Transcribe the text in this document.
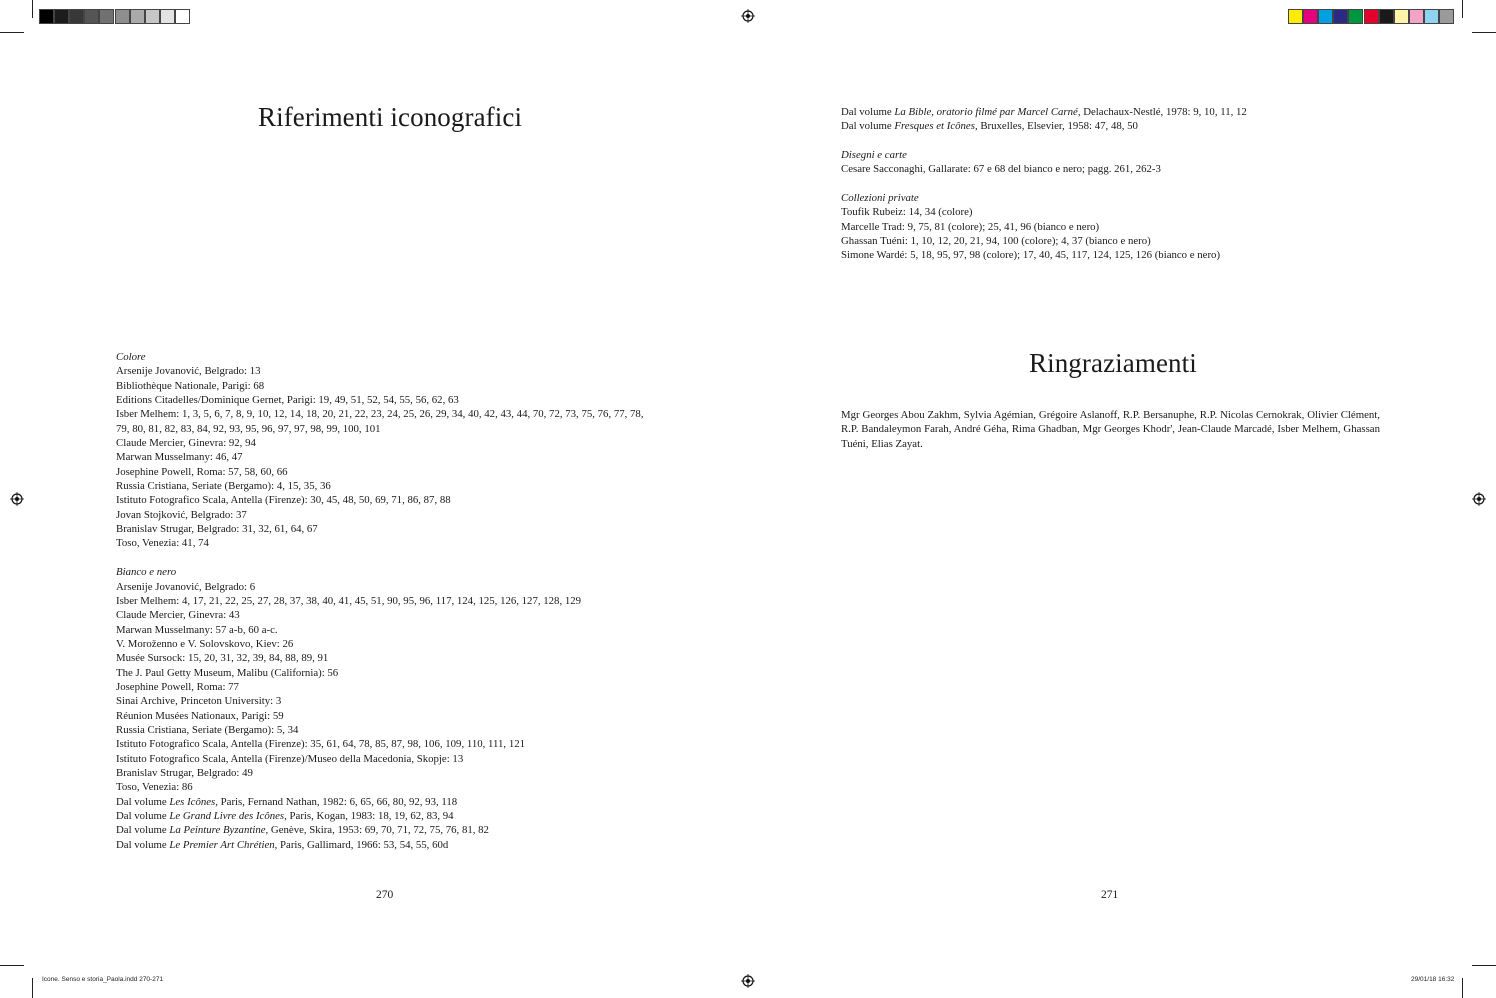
Riferimenti iconografici
Colore
Arsenije Jovanović, Belgrado: 13
Bibliothèque Nationale, Parigi: 68
Editions Citadelles/Dominique Gernet, Parigi: 19, 49, 51, 52, 54, 55, 56, 62, 63
Isber Melhem: 1, 3, 5, 6, 7, 8, 9, 10, 12, 14, 18, 20, 21, 22, 23, 24, 25, 26, 29, 34, 40, 42, 43, 44, 70, 72, 73, 75, 76, 77, 78,
79, 80, 81, 82, 83, 84, 92, 93, 95, 96, 97, 97, 98, 99, 100, 101
Claude Mercier, Ginevra: 92, 94
Marwan Musselmany: 46, 47
Josephine Powell, Roma: 57, 58, 60, 66
Russia Cristiana, Seriate (Bergamo): 4, 15, 35, 36
Istituto Fotografico Scala, Antella (Firenze): 30, 45, 48, 50, 69, 71, 86, 87, 88
Jovan Stojković, Belgrado: 37
Branislav Strugar, Belgrado: 31, 32, 61, 64, 67
Toso, Venezia: 41, 74
Bianco e nero
Arsenije Jovanović, Belgrado: 6
Isber Melhem: 4, 17, 21, 22, 25, 27, 28, 37, 38, 40, 41, 45, 51, 90, 95, 96, 117, 124, 125, 126, 127, 128, 129
Claude Mercier, Ginevra: 43
Marwan Musselmany: 57 a-b, 60 a-c.
V. Moroženno e V. Solovskovo, Kiev: 26
Musée Sursock: 15, 20, 31, 32, 39, 84, 88, 89, 91
The J. Paul Getty Museum, Malibu (California): 56
Josephine Powell, Roma: 77
Sinai Archive, Princeton University: 3
Réunion Musées Nationaux, Parigi: 59
Russia Cristiana, Seriate (Bergamo): 5, 34
Istituto Fotografico Scala, Antella (Firenze): 35, 61, 64, 78, 85, 87, 98, 106, 109, 110, 111, 121
Istituto Fotografico Scala, Antella (Firenze)/Museo della Macedonia, Skopje: 13
Branislav Strugar, Belgrado: 49
Toso, Venezia: 86
Dal volume Les Icônes, Paris, Fernand Nathan, 1982: 6, 65, 66, 80, 92, 93, 118
Dal volume Le Grand Livre des Icônes, Paris, Kogan, 1983: 18, 19, 62, 83, 94
Dal volume La Peinture Byzantine, Genève, Skira, 1953: 69, 70, 71, 72, 75, 76, 81, 82
Dal volume Le Premier Art Chrétien, Paris, Gallimard, 1966: 53, 54, 55, 60d
270
Dal volume La Bible, oratorio filmé par Marcel Carné, Delachaux-Nestlé, 1978: 9, 10, 11, 12
Dal volume Fresques et Icônes, Bruxelles, Elsevier, 1958: 47, 48, 50
Disegni e carte
Cesare Sacconaghi, Gallarate: 67 e 68 del bianco e nero; pagg. 261, 262-3
Collezioni private
Toufik Rubeiz: 14, 34 (colore)
Marcelle Trad: 9, 75, 81 (colore); 25, 41, 96 (bianco e nero)
Ghassan Tuéni: 1, 10, 12, 20, 21, 94, 100 (colore); 4, 37 (bianco e nero)
Simone Wardé: 5, 18, 95, 97, 98 (colore); 17, 40, 45, 117, 124, 125, 126 (bianco e nero)
Ringraziamenti
Mgr Georges Abou Zakhm, Sylvia Agémian, Grégoire Aslanoff, R.P. Bersanuphe, R.P. Nicolas Cernokrak, Olivier Clément, R.P. Bandaleymon Farah, André Géha, Rima Ghadban, Mgr Georges Khodr', Jean-Claude Marcadé, Isber Melhem, Ghassan Tuéni, Elias Zayat.
271
Icone. Senso e storia_Paola.indd 270-271	29/01/18 16:32
